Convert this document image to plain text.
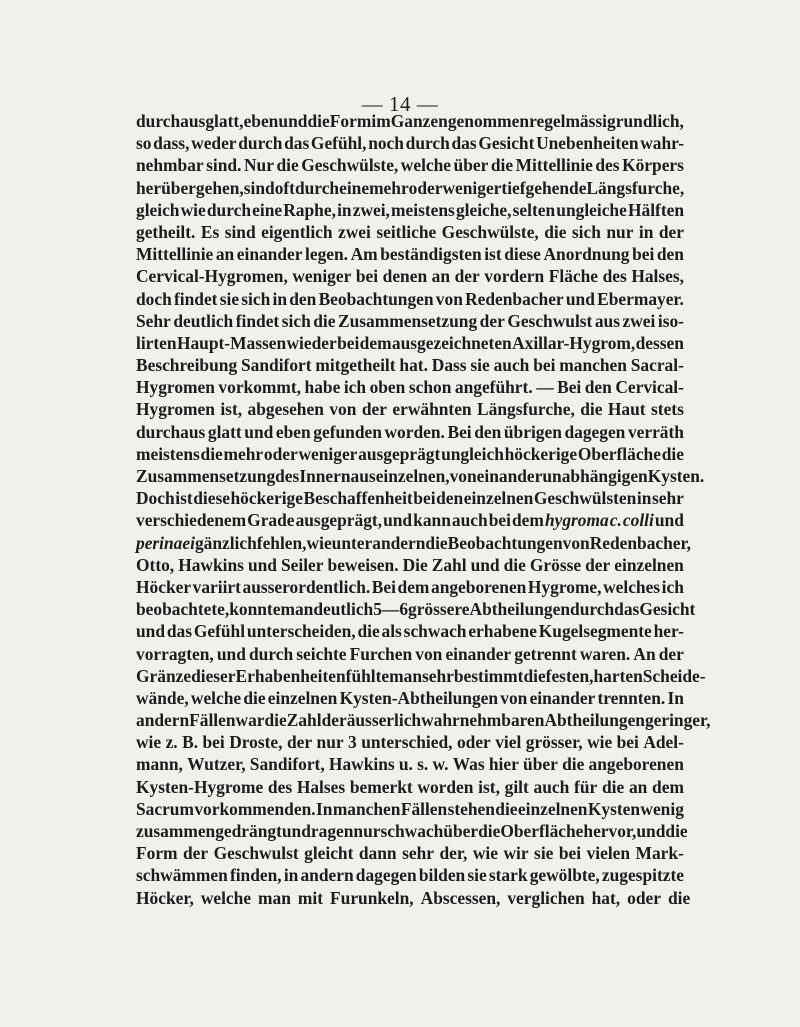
— 14 —
durchaus glatt, eben und die Form im Ganzen genommen regelmässig rundlich,
so dass, weder durch das Gefühl, noch durch das Gesicht Unebenheiten wahr-
nehmbar sind. Nur die Geschwülste, welche über die Mittellinie des Körpers
herüber gehen, sind oft durch eine mehr oder weniger tief gehende Längsfurche,
gleich wie durch eine Raphe, in zwei, meistens gleiche, selten ungleiche Hälften
getheilt. Es sind eigentlich zwei seitliche Geschwülste, die sich nur in der
Mittellinie an einander legen. Am beständigsten ist diese Anordnung bei den
Cervical-Hygromen, weniger bei denen an der vordern Fläche des Halses,
doch findet sie sich in den Beobachtungen von Redenbacher und Ebermayer.
Sehr deutlich findet sich die Zusammensetzung der Geschwulst aus zwei iso-
lirten Haupt-Massen wieder bei dem ausgezeichneten Axillar-Hygrom, dessen
Beschreibung Sandifort mitgetheilt hat. Dass sie auch bei manchen Sacral-
Hygromen vorkommt, habe ich oben schon angeführt. — Bei den Cervical-
Hygromen ist, abgesehen von der erwähnten Längsfurche, die Haut stets
durchaus glatt und eben gefunden worden. Bei den übrigen dagegen verräth
meistens die mehr oder weniger ausgeprägt ungleich höckerige Oberfläche die
Zusammensetzung des Innern aus einzelnen, von einander unabhängigen Kysten.
Doch ist diese höckerige Beschaffenheit bei den einzelnen Geschwülsten in sehr
verschiedenem Grade ausgeprägt, und kann auch bei dem hygroma c. colli und
perinaei gänzlich fehlen, wie unter andern die Beobachtungen von Redenbacher,
Otto, Hawkins und Seiler beweisen. Die Zahl und die Grösse der einzelnen
Höcker variirt ausserordentlich. Bei dem angeborenen Hygrome, welches ich
beobachtete, konnte man deutlich 5—6 grössere Abtheilungen durch das Gesicht
und das Gefühl unterscheiden, die als schwach erhabene Kugelsegmente her-
vorragten, und durch seichte Furchen von einander getrennt waren. An der
Gränze dieser Erhabenheiten fühlte man sehr bestimmt die festen, harten Scheide-
wände, welche die einzelnen Kysten-Abtheilungen von einander trennten. In
andern Fällen war die Zahl der äusserlich wahrnehmbaren Abtheilungen geringer,
wie z. B. bei Droste, der nur 3 unterschied, oder viel grösser, wie bei Adel-
mann, Wutzer, Sandifort, Hawkins u. s. w. Was hier über die angeborenen
Kysten-Hygrome des Halses bemerkt worden ist, gilt auch für die an dem
Sacrum vorkommenden. In manchen Fällen stehen die einzelnen Kysten wenig
zusammengedrängt und ragen nur schwach über die Oberfläche hervor, und die
Form der Geschwulst gleicht dann sehr der, wie wir sie bei vielen Mark-
schwämmen finden, in andern dagegen bilden sie stark gewölbte, zugespitzte
Höcker, welche man mit Furunkeln, Abscessen, verglichen hat, oder die
